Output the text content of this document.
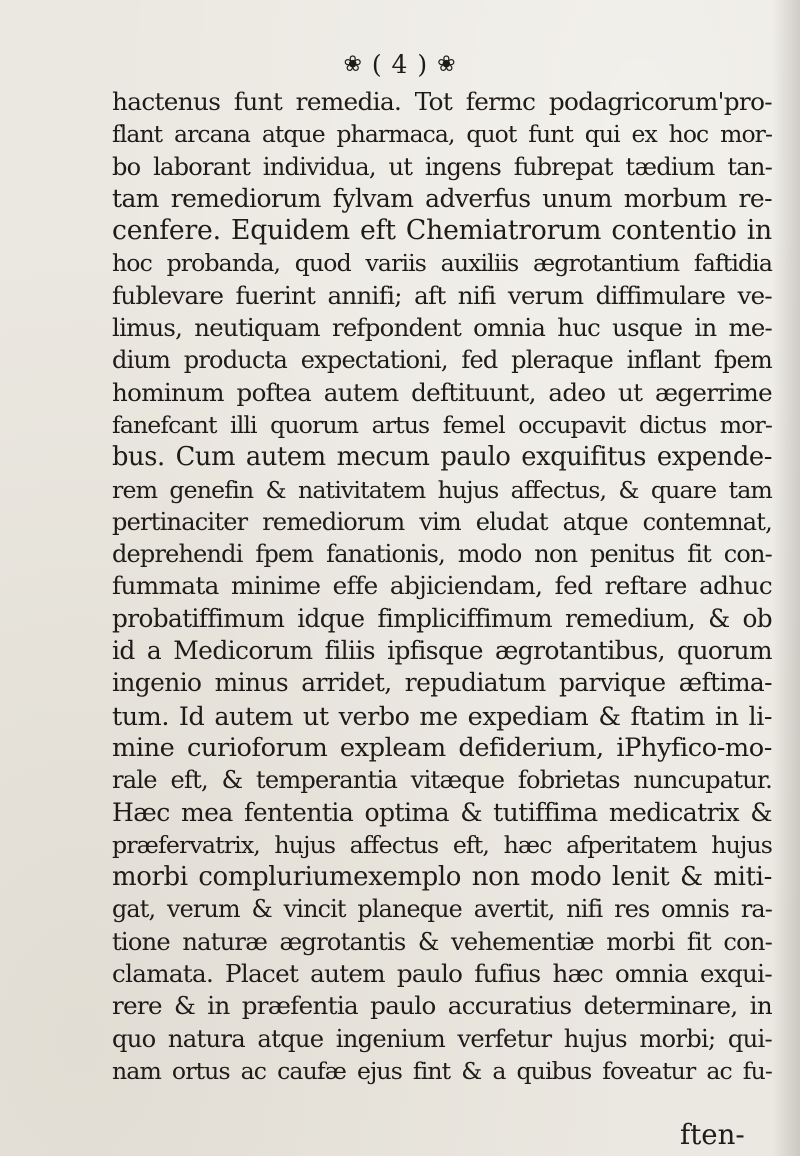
❀ ( 4 ) ❀
hactenus funt remedia. Tot fermc podagricorum'pro-
flant arcana atque pharmaca, quot funt qui ex hoc mor-
bo laborant individua, ut ingens fubrepat tædium tan-
tam remediorum fylvam adverfus unum morbum re-
cenfere. Equidem eft Chemiatrorum contentio in
hoc probanda, quod variis auxiliis ægrotantium faftidia
fublevare fuerint annifi; aft nifi verum diffimulare ve-
limus, neutiquam refpondent omnia huc usque in me-
dium producta expectationi, fed pleraque inflant fpem
hominum poftea autem deftituunt, adeo ut ægerrime
fanefcant illi quorum artus femel occupavit dictus mor-
bus. Cum autem mecum paulo exquifitus expende-
rem genefin & nativitatem hujus affectus, & quare tam
pertinaciter remediorum vim eludat atque contemnat,
deprehendi fpem fanationis, modo non penitus fit con-
fummata minime effe abjiciendam, fed reftare adhuc
probatiffimum idque fimpliciffimum remedium, & ob
id a Medicorum filiis ipfisque ægrotantibus, quorum
ingenio minus arridet, repudiatum parvique æftima-
tum. Id autem ut verbo me expediam & ftatim in li-
mine curioforum expleam defiderium, iPhyfico-mo-
rale eft, & temperantia vitæque fobrietas nuncupatur.
Hæc mea fententia optima & tutiffima medicatrix &
præfervatrix, hujus affectus eft, hæc afperitatem hujus
morbi compluriumexemplo non modo lenit & miti-
gat, verum & vincit planeque avertit, nifi res omnis ra-
tione naturæ ægrotantis & vehementiæ morbi fit con-
clamata. Placet autem paulo fufius hæc omnia exqui-
rere & in præfentia paulo accuratius determinare, in
quo natura atque ingenium verfetur hujus morbi; qui-
nam ortus ac caufæ ejus fint & a quibus foveatur ac fu-
ften-
